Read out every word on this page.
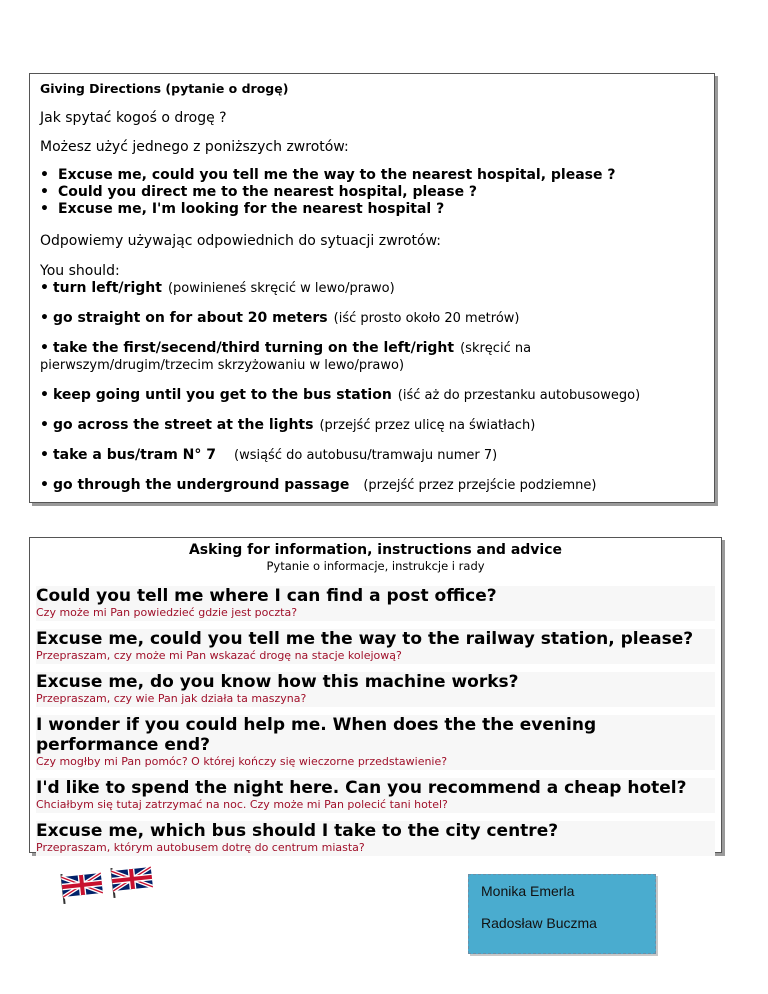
Giving Directions (pytanie o drogę)
Jak spytać kogoś o drogę ?
Możesz użyć jednego z poniższych zwrotów:
• Excuse me, could you tell me the way to the nearest hospital, please ?
• Could you direct me to the nearest hospital, please ?
• Excuse me, I'm looking for the nearest hospital ?
Odpowiemy używając odpowiednich do sytuacji zwrotów:
You should:
• turn left/right (powinieneś skręcić w lewo/prawo)
• go straight on for about 20 meters (iść prosto około 20 metrów)
• take the first/secend/third turning on the left/right (skręcić na pierwszym/drugim/trzecim skrzyżowaniu w lewo/prawo)
• keep going until you get to the bus station (iść aż do przestanku autobusowego)
• go across the street at the lights (przejść przez ulicę na światłach)
• take a bus/tram N° 7 (wsiąść do autobusu/tramwaju numer 7)
• go through the underground passage (przejść przez przejście podziemne)
Asking for information, instructions and advice
Pytanie o informacje, instrukcje i rady
Could you tell me where I can find a post office?
Czy może mi Pan powiedzieć gdzie jest poczta?
Excuse me, could you tell me the way to the railway station, please?
Przepraszam, czy może mi Pan wskazać drogę na stacje kolejową?
Excuse me, do you know how this machine works?
Przepraszam, czy wie Pan jak działa ta maszyna?
I wonder if you could help me. When does the the evening performance end?
Czy mogłby mi Pan pomóc? O której kończy się wieczorne przedstawienie?
I'd like to spend the night here. Can you recommend a cheap hotel?
Chciałbym się tutaj zatrzymać na noc. Czy może mi Pan polecić tani hotel?
Excuse me, which bus should I take to the city centre?
Przepraszam, którym autobusem dotrę do centrum miasta?
Monika Emerla
Radosław Buczma
